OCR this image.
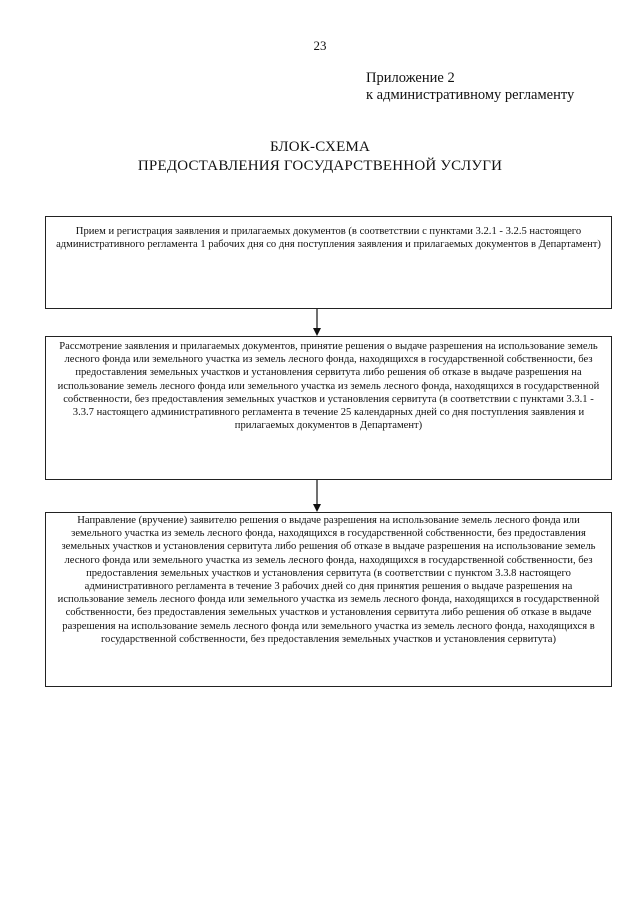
23
Приложение 2
к административному регламенту
БЛОК-СХЕМА
ПРЕДОСТАВЛЕНИЯ ГОСУДАРСТВЕННОЙ УСЛУГИ

Прием и регистрация заявления и прилагаемых документов (в соответствии с пунктами 3.2.1 - 3.2.5 настоящего административного регламента 1 рабочих дня со дня поступления заявления и прилагаемых документов в Департамент)

Рассмотрение заявления и прилагаемых документов, принятие решения о выдаче разрешения на использование земель лесного фонда или земельного участка из земель лесного фонда, находящихся в государственной собственности, без предоставления земельных участков и установления сервитута либо решения об отказе в выдаче разрешения на использование земель лесного фонда или земельного участка из земель лесного фонда, находящихся в государственной собственности, без предоставления земельных участков и установления сервитута (в соответствии с пунктами 3.3.1 - 3.3.7 настоящего административного регламента в течение 25 календарных дней со дня поступления заявления и прилагаемых документов в Департамент)

Направление (вручение) заявителю решения о выдаче разрешения на использование земель лесного фонда или земельного участка из земель лесного фонда, находящихся в государственной собственности, без предоставления земельных участков и установления сервитута либо решения об отказе в выдаче разрешения на использование земель лесного фонда или земельного участка из земель лесного фонда, находящихся в государственной собственности, без предоставления земельных участков и установления сервитута (в соответствии с пунктом 3.3.8 настоящего административного регламента в течение 3 рабочих дней со дня принятия решения о выдаче разрешения на использование земель лесного фонда или земельного участка из земель лесного фонда, находящихся в государственной собственности, без предоставления земельных участков и установления сервитута либо решения об отказе в выдаче разрешения на использование земель лесного фонда или земельного участка из земель лесного фонда, находящихся в государственной собственности, без предоставления земельных участков и установления сервитута)
